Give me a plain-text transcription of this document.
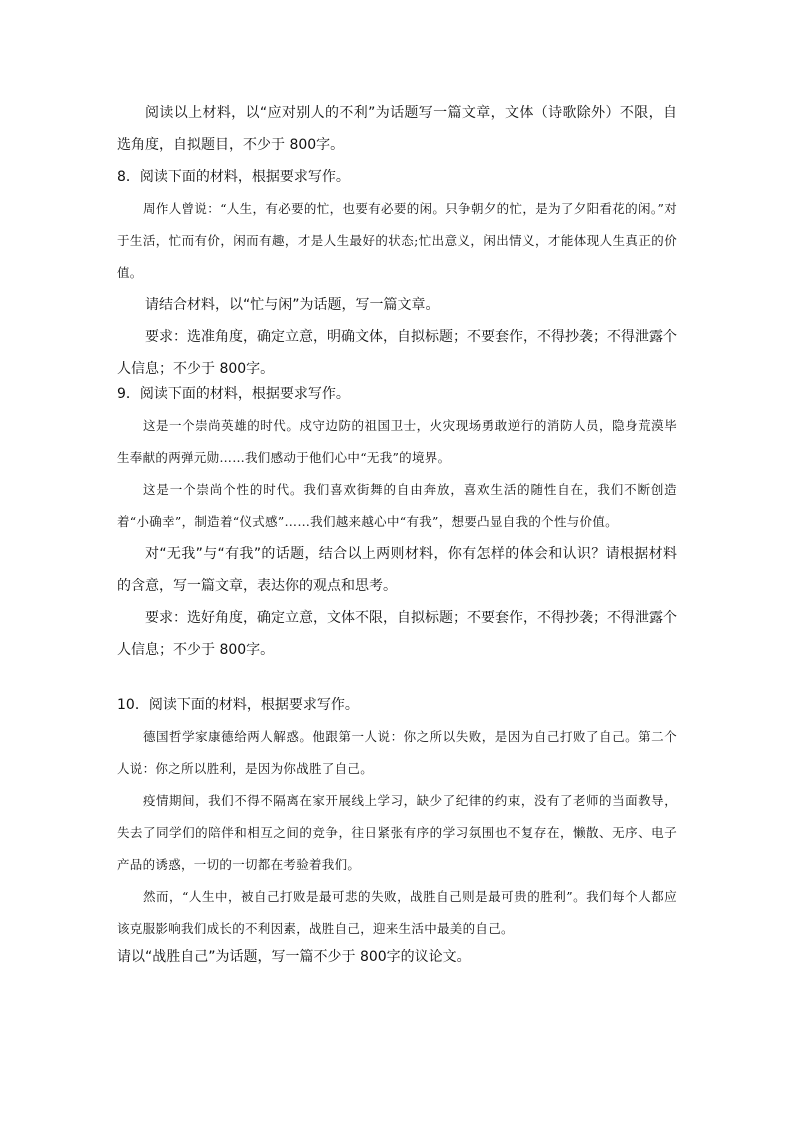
阅读以上材料，以“应对别人的不利”为话题写一篇文章，文体（诗歌除外）不限，自选角度，自拟题目，不少于 800字。

8．阅读下面的材料，根据要求写作。

周作人曾说：“人生，有必要的忙，也要有必要的闲。只争朝夕的忙，是为了夕阳看花的闲。”对于生活，忙而有价，闲而有趣，才是人生最好的状态;忙出意义，闲出情义，才能体现人生真正的价值。

请结合材料，以“忙与闲”为话题，写一篇文章。

要求：选准角度，确定立意，明确文体，自拟标题；不要套作，不得抄袭；不得泄露个人信息；不少于 800字。

9．阅读下面的材料，根据要求写作。

这是一个崇尚英雄的时代。戍守边防的祖国卫士，火灾现场勇敢逆行的消防人员，隐身荒漠毕生奉献的两弹元勋……我们感动于他们心中“无我”的境界。

这是一个崇尚个性的时代。我们喜欢街舞的自由奔放，喜欢生活的随性自在，我们不断创造着“小确幸”，制造着“仪式感”……我们越来越心中“有我”，想要凸显自我的个性与价值。

对“无我”与“有我”的话题，结合以上两则材料，你有怎样的体会和认识？请根据材料的含意，写一篇文章，表达你的观点和思考。

要求：选好角度，确定立意，文体不限，自拟标题；不要套作，不得抄袭；不得泄露个人信息；不少于 800字。

10．阅读下面的材料，根据要求写作。

德国哲学家康德给两人解惑。他跟第一人说：你之所以失败，是因为自己打败了自己。第二个人说：你之所以胜利，是因为你战胜了自己。

疫情期间，我们不得不隔离在家开展线上学习，缺少了纪律的约束，没有了老师的当面教导，失去了同学们的陪伴和相互之间的竞争，往日紧张有序的学习氛围也不复存在，懒散、无序、电子产品的诱惑，一切的一切都在考验着我们。

然而，“人生中，被自己打败是最可悲的失败，战胜自己则是最可贵的胜利”。我们每个人都应该克服影响我们成长的不利因素，战胜自己，迎来生活中最美的自己。

请以“战胜自己”为话题，写一篇不少于 800字的议论文。
